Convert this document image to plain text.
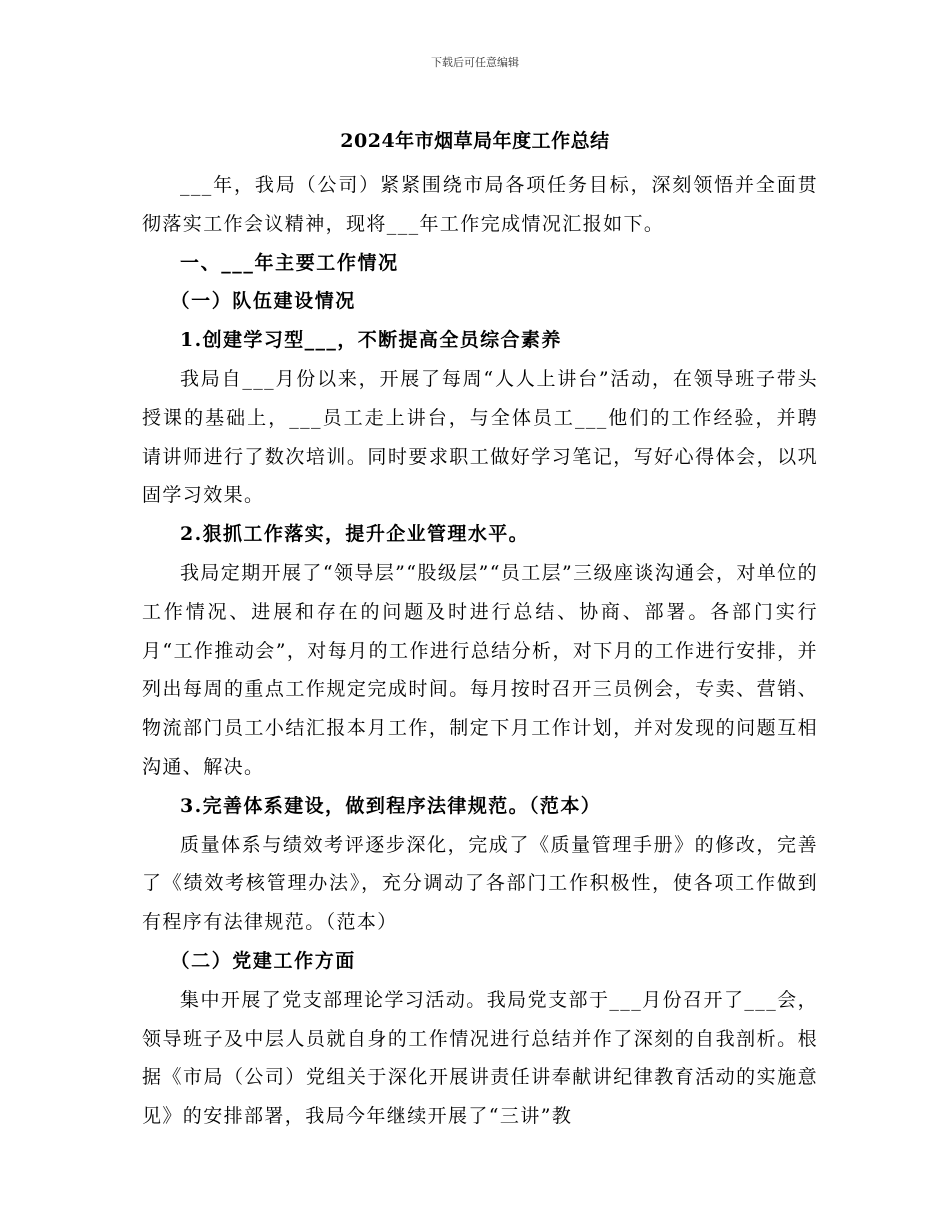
下载后可任意编辑
2024年市烟草局年度工作总结

___年，我局（公司）紧紧围绕市局各项任务目标，深刻领悟并全面贯彻落实工作会议精神，现将___年工作完成情况汇报如下。

一、___年主要工作情况

（一）队伍建设情况

1.创建学习型___，不断提高全员综合素养

我局自___月份以来，开展了每周“人人上讲台”活动，在领导班子带头授课的基础上，___员工走上讲台，与全体员工___他们的工作经验，并聘请讲师进行了数次培训。同时要求职工做好学习笔记，写好心得体会，以巩固学习效果。

2.狠抓工作落实，提升企业管理水平。

我局定期开展了“领导层”“股级层”“员工层”三级座谈沟通会，对单位的工作情况、进展和存在的问题及时进行总结、协商、部署。各部门实行月“工作推动会”，对每月的工作进行总结分析，对下月的工作进行安排，并列出每周的重点工作规定完成时间。每月按时召开三员例会，专卖、营销、物流部门员工小结汇报本月工作，制定下月工作计划，并对发现的问题互相沟通、解决。

3.完善体系建设，做到程序法律规范。（范本）

质量体系与绩效考评逐步深化，完成了《质量管理手册》的修改，完善了《绩效考核管理办法》，充分调动了各部门工作积极性，使各项工作做到有程序有法律规范。（范本）

（二）党建工作方面

集中开展了党支部理论学习活动。我局党支部于___月份召开了___会，领导班子及中层人员就自身的工作情况进行总结并作了深刻的自我剖析。根据《市局（公司）党组关于深化开展讲责任讲奉献讲纪律教育活动的实施意见》的安排部署，我局今年继续开展了“三讲”教
